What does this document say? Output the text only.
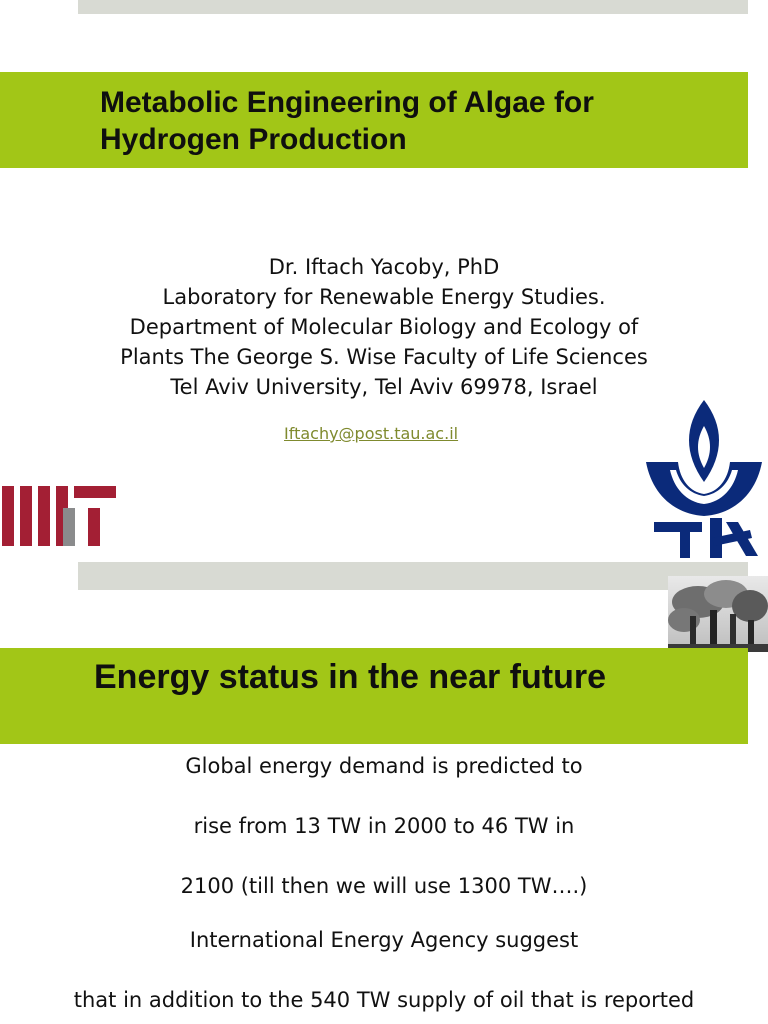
Metabolic Engineering of Algae for
Hydrogen Production
Dr. Iftach Yacoby, PhD
Laboratory for Renewable Energy Studies.
Department of Molecular Biology and Ecology of
Plants The George S. Wise Faculty of Life Sciences
Tel Aviv University, Tel Aviv 69978, Israel
Iftachy@post.tau.ac.il
Energy status in the near future
Global energy demand is predicted to
rise from 13 TW in 2000 to 46 TW in
2100 (till then we will use 1300 TW….)
International Energy Agency suggest
that in addition to the 540 TW supply of oil that is reported
